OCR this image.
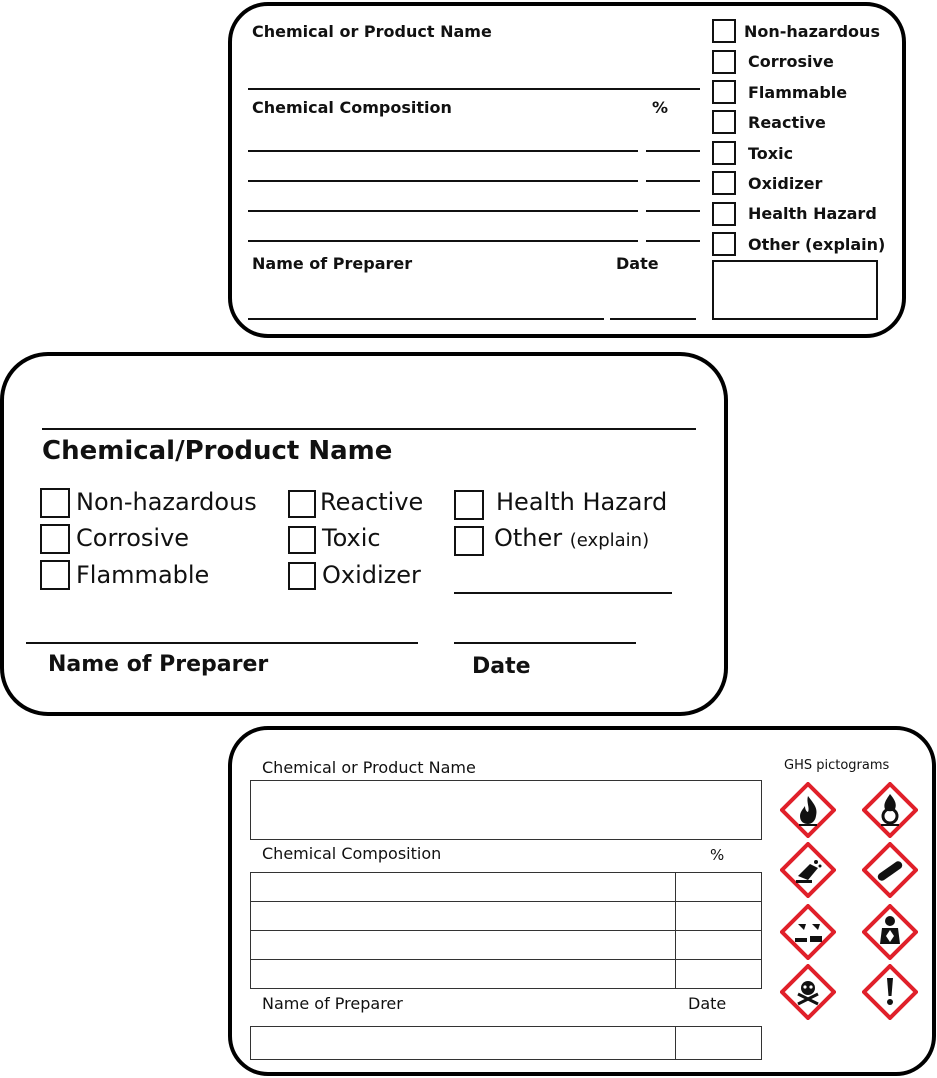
Chemical or Product Name
Chemical Composition	%
Name of Preparer	Date
Non-hazardous
Corrosive
Flammable
Reactive
Toxic
Oxidizer
Health Hazard
Other (explain)
Chemical/Product Name
Non-hazardous
Corrosive
Flammable
Reactive
Toxic
Oxidizer
Health Hazard
Other (explain)
Name of Preparer	Date
Chemical or Product Name
Chemical Composition	%
Name of Preparer	Date
GHS pictograms
